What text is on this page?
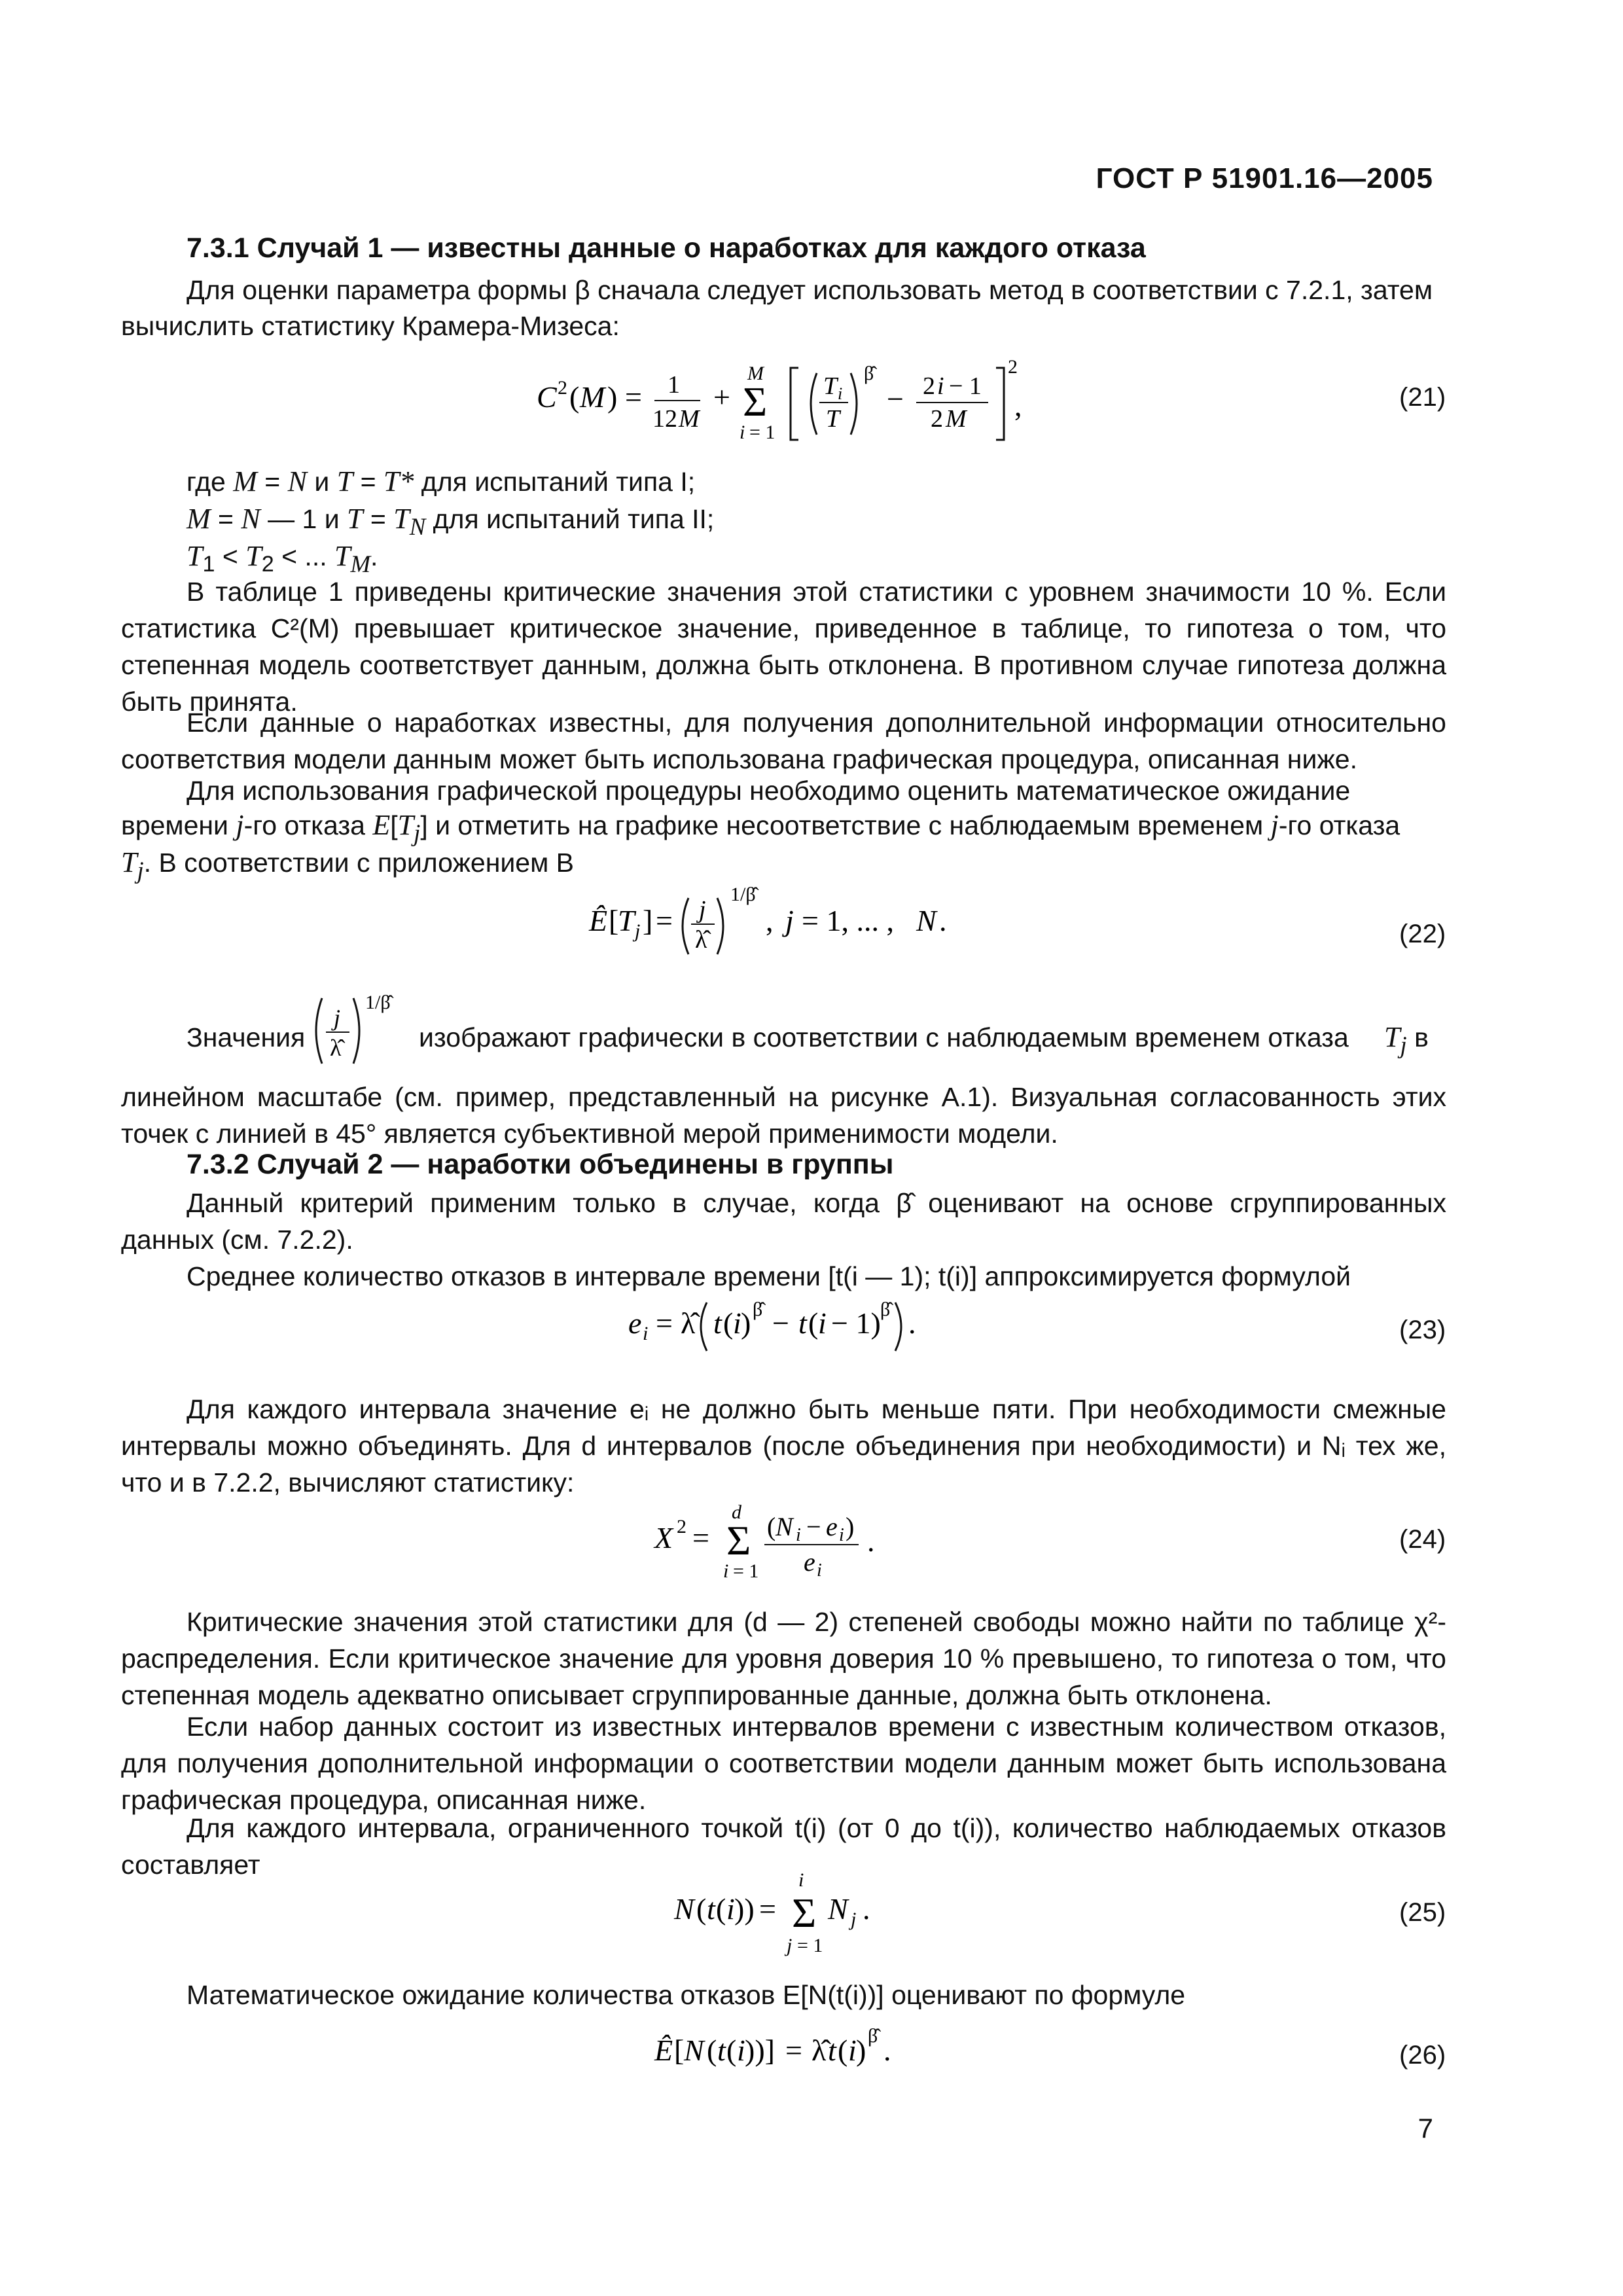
ГОСТ Р 51901.16—2005
7.3.1 Случай 1 — известны данные о наработках для каждого отказа
Для оценки параметра формы β сначала следует использовать метод в соответствии с 7.2.1, затем
вычислить статистику Крамера-Мизеса:
C 2 ( M ) = 1
12 M
+
M
Σ
i = 1
T i
T
β̂
− 2 i − 1
2 M
2
,	(21)
где M = N и T = T* для испытаний типа I;
M = N — 1 и $T = T_N$ для испытаний типа II;
$T_1 < T_2$ < ... $T_M$.
В таблице 1 приведены критические значения этой статистики с уровнем значимости 10 %. Если статистика C²(M) превышает критическое значение, приведенное в таблице, то гипотеза о том, что степенная модель соответствует данным, должна быть отклонена. В противном случае гипотеза должна быть принята.
Если данные о наработках известны, для получения дополнительной информации относительно соответствия модели данным может быть использована графическая процедура, описанная ниже.
Для использования графической процедуры необходимо оценить математическое ожидание
времени j-го отказа $E[T_j]$ и отметить на графике несоответствие с наблюдаемым временем j-го отказа
$T_j$. В соответствии с приложением В
Ê [
T j ] = j
λ̂
1/β̂
, j = 1, ... , N .	(22)
Значения
j
λ̂
1/β̂
изображают графически в соответствии с наблюдаемым временем отказа $T_j$ в
линейном масштабе (см. пример, представленный на рисунке А.1). Визуальная согласованность этих точек с линией в 45° является субъективной мерой применимости модели.
7.3.2 Случай 2 — наработки объединены в группы
Данный критерий применим только в случае, когда β̂ оценивают на основе сгруппированных данных (см. 7.2.2).
Среднее количество отказов в интервале времени [t(i — 1); t(i)] аппроксимируется формулой
e i = λ̂ t ( i ) β̂ − t ( i − 1) β̂ .	(23)
Для каждого интервала значение eᵢ не должно быть меньше пяти. При необходимости смежные интервалы можно объединять. Для d интервалов (после объединения при необходимости) и Nᵢ тех же, что и в 7.2.2, вычисляют статистику:
X 2 =
d
Σ
i = 1
( N i − e i )
e i
.	(24)
Критические значения этой статистики для (d — 2) степеней свободы можно найти по таблице χ²- распределения. Если критическое значение для уровня доверия 10 % превышено, то гипотеза о том, что степенная модель адекватно описывает сгруппированные данные, должна быть отклонена.
Если набор данных состоит из известных интервалов времени с известным количеством отказов, для получения дополнительной информации о соответствии модели данным может быть использована графическая процедура, описанная ниже.
Для каждого интервала, ограниченного точкой t(i) (от 0 до t(i)), количество наблюдаемых отказов составляет
N ( t ( i )) =
i
Σ
j = 1
N j .	(25)
Математическое ожидание количества отказов E[N(t(i))] оценивают по формуле
Ê [ N ( t ( i ))] = λ̂ t ( i ) β̂ .	(26)
7
